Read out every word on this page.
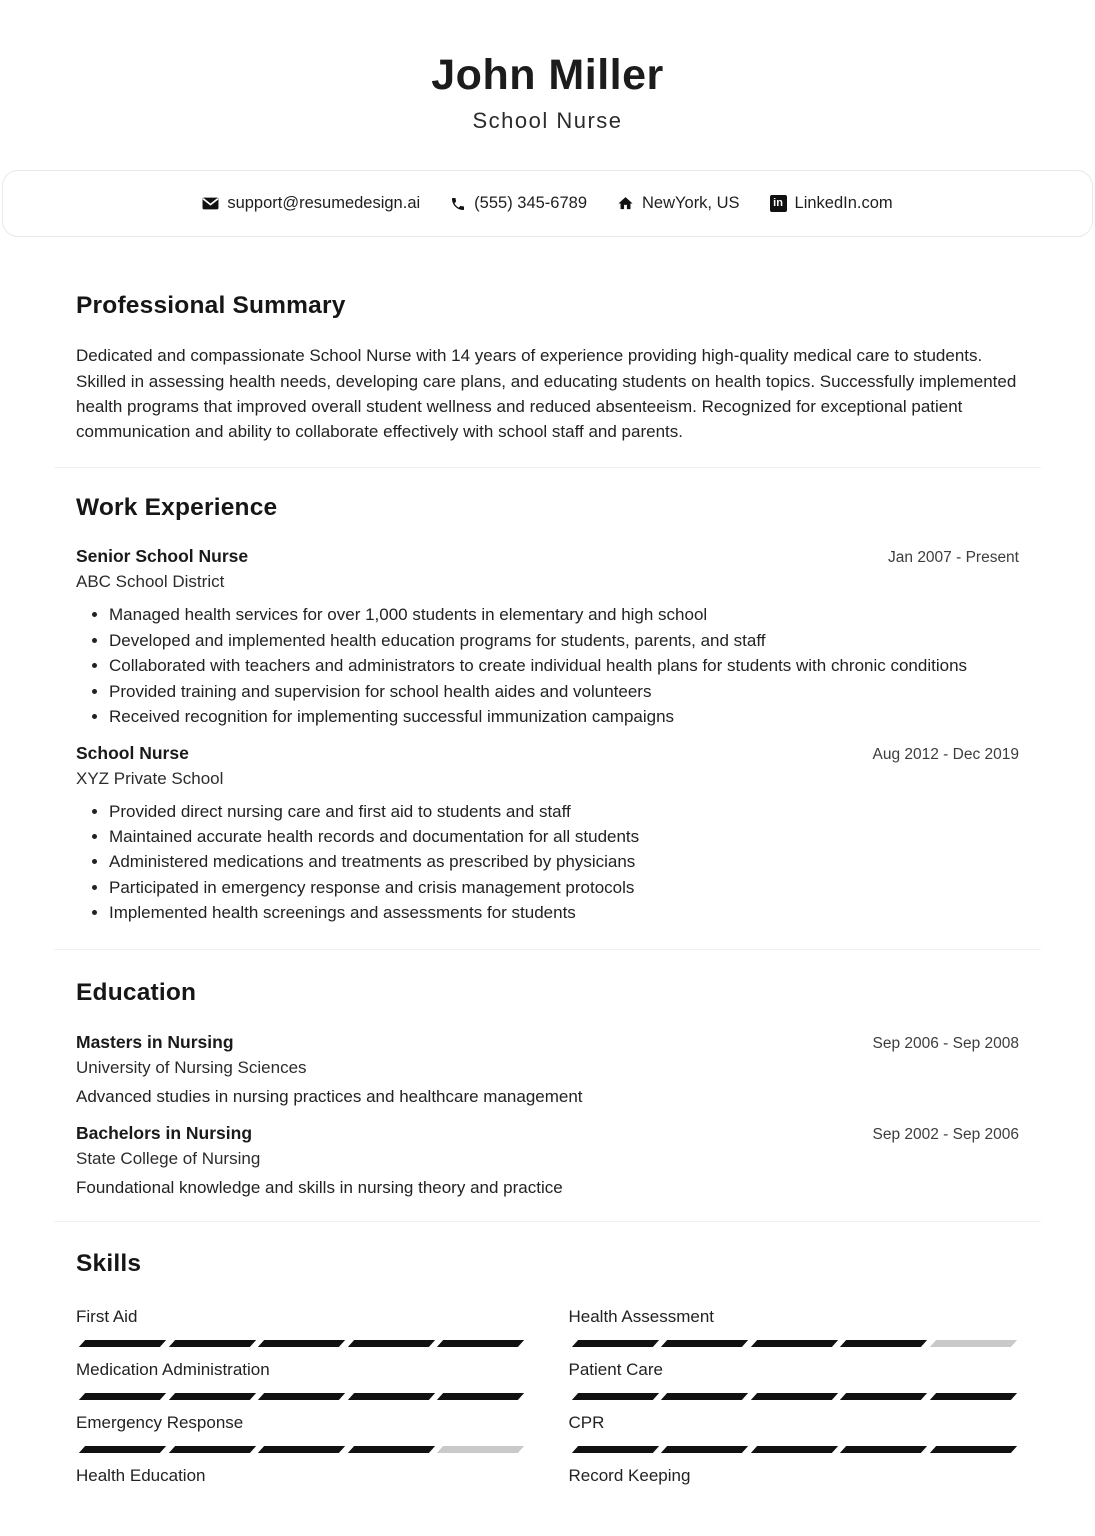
John Miller
School Nurse
support@resumedesign.ai	(555) 345-6789	NewYork, US	in LinkedIn.com
Professional Summary

Dedicated and compassionate School Nurse with 14 years of experience providing high-quality medical care to students. Skilled in assessing health needs, developing care plans, and educating students on health topics. Successfully implemented health programs that improved overall student wellness and reduced absenteeism. Recognized for exceptional patient communication and ability to collaborate effectively with school staff and parents.

Work Experience
Senior School Nurse	Jan 2007 - Present
ABC School District
• Managed health services for over 1,000 students in elementary and high school
• Developed and implemented health education programs for students, parents, and staff
• Collaborated with teachers and administrators to create individual health plans for students with chronic conditions
• Provided training and supervision for school health aides and volunteers
• Received recognition for implementing successful immunization campaigns
School Nurse	Aug 2012 - Dec 2019
XYZ Private School
• Provided direct nursing care and first aid to students and staff
• Maintained accurate health records and documentation for all students
• Administered medications and treatments as prescribed by physicians
• Participated in emergency response and crisis management protocols
• Implemented health screenings and assessments for students
Education
Masters in Nursing	Sep 2006 - Sep 2008
University of Nursing Sciences
Advanced studies in nursing practices and healthcare management
Bachelors in Nursing	Sep 2002 - Sep 2006
State College of Nursing
Foundational knowledge and skills in nursing theory and practice
Skills
First Aid	Health Assessment
Medication Administration	Patient Care
Emergency Response	CPR
Health Education	Record Keeping
